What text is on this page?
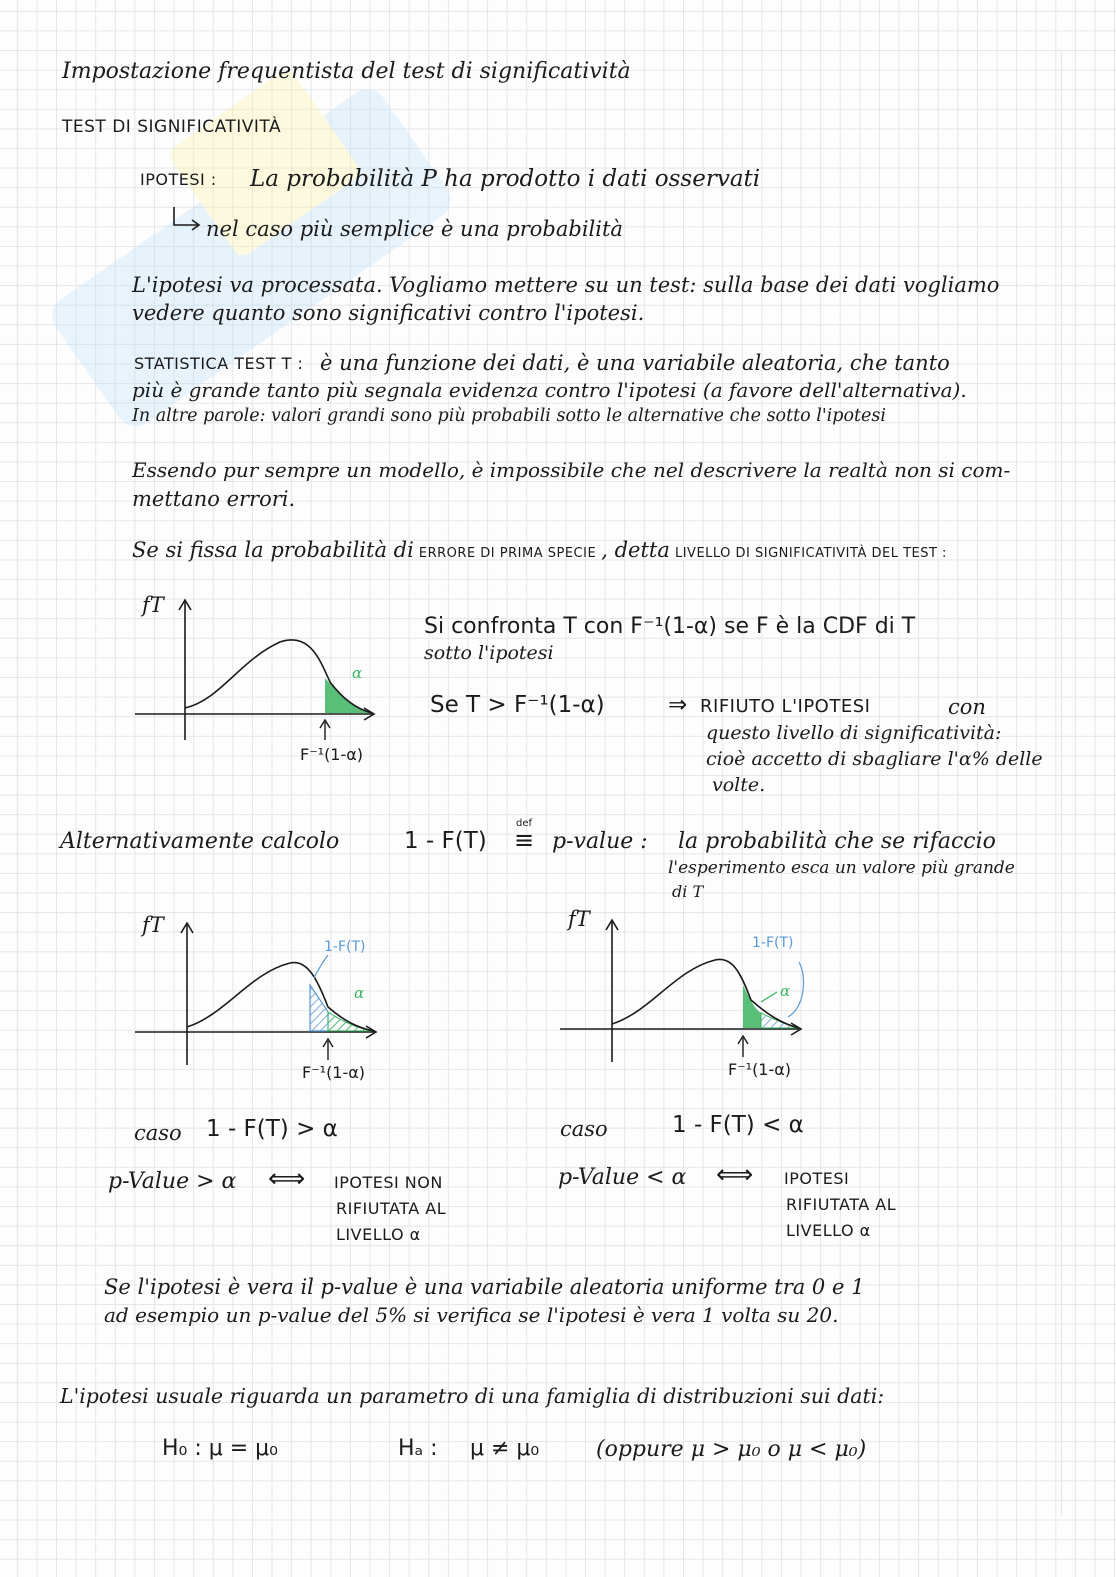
Impostazione frequentista del test di significatività
TEST DI SIGNIFICATIVITÀ
IPOTESI : La probabilità P ha prodotto i dati osservati
nel caso più semplice è una probabilità
L'ipotesi va processata. Vogliamo mettere su un test: sulla base dei dati vogliamo
vedere quanto sono significativi contro l'ipotesi.
STATISTICA TEST T : è una funzione dei dati, è una variabile aleatoria, che tanto
più è grande tanto più segnala evidenza contro l'ipotesi (a favore dell'alternativa).
In altre parole: valori grandi sono più probabili sotto le alternative che sotto l'ipotesi
Essendo pur sempre un modello, è impossibile che nel descrivere la realtà non si com-
mettano errori.
Se si fissa la probabilità di ERRORE DI PRIMA SPECIE , detta LIVELLO DI SIGNIFICATIVITÀ DEL TEST :
fT
α
F⁻¹(1-α)
Si confronta T con F⁻¹(1-α) se F è la CDF di T
sotto l'ipotesi
Se T > F⁻¹(1-α)	⇒ RIFIUTO L'IPOTESI	con
questo livello di significatività:
cioè accetto di sbagliare l'α% delle
volte.
Alternativamente calcolo	1 - F(T)
def
≡ p-value : la probabilità che se rifaccio
l'esperimento esca un valore più grande
di T
fT
1-F(T)
α
F⁻¹(1-α)
fT
1-F(T)
α
F⁻¹(1-α)
caso 1 - F(T) > α
p-Value > α ⟺ IPOTESI NON
RIFIUTATA AL
LIVELLO α
caso	1 - F(T) < α
p-Value < α ⟺ IPOTESI
RIFIUTATA AL
LIVELLO α
Se l'ipotesi è vera il p-value è una variabile aleatoria uniforme tra 0 e 1
ad esempio un p-value del 5% si verifica se l'ipotesi è vera 1 volta su 20.
L'ipotesi usuale riguarda un parametro di una famiglia di distribuzioni sui dati:
H₀ : μ = μ₀	Hₐ : μ ≠ μ₀	(oppure μ > μ₀ o μ < μ₀)
